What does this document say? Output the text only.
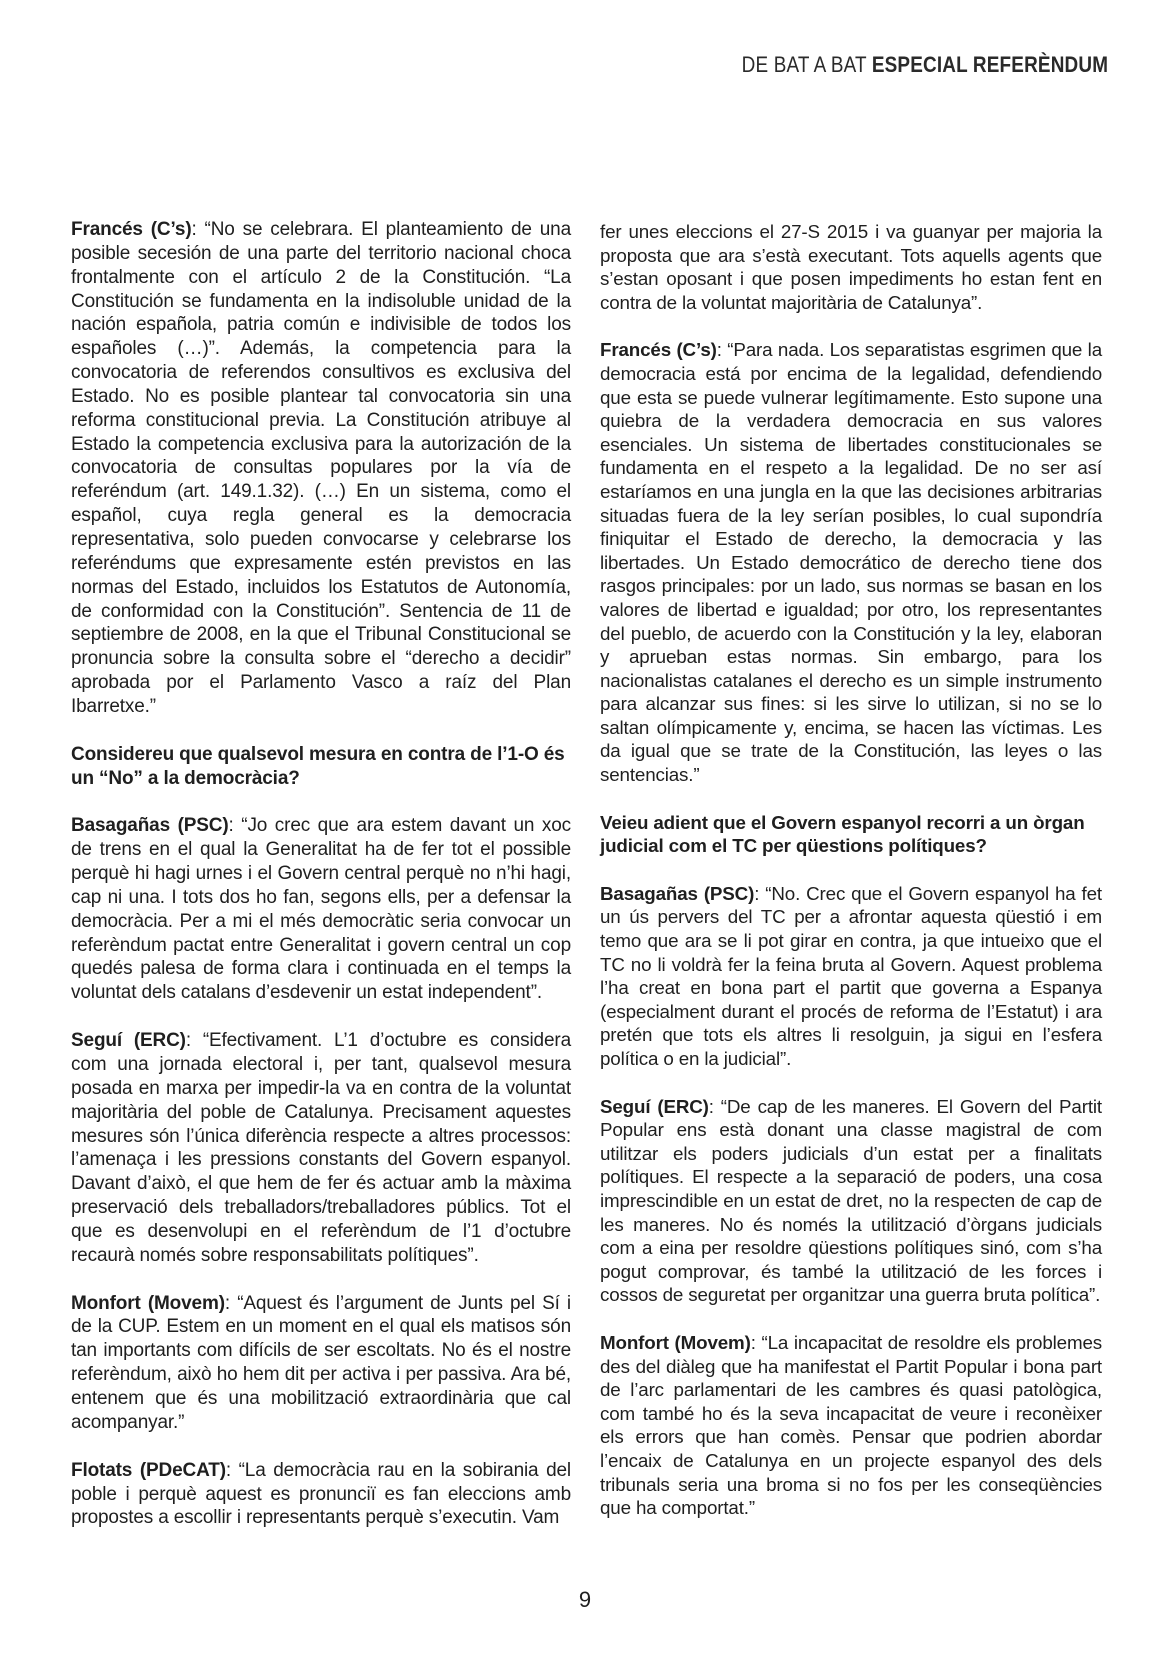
DE BAT A BAT ESPECIAL REFERÈNDUM

Francés (C’s): “No se celebrara. El planteamiento de una posible secesión de una parte del territorio nacional choca frontalmente con el artículo 2 de la Constitución. “La Constitución se fundamenta en la indisoluble unidad de la nación española, patria común e indivisible de todos los españoles (…)”. Además, la competencia para la convocatoria de referendos consultivos es exclusiva del Estado. No es posible plantear tal convocatoria sin una reforma constitucional previa. La Constitución atribuye al Estado la competencia exclusiva para la autorización de la convocatoria de consultas populares por la vía de referéndum (art. 149.1.32). (…) En un sistema, como el español, cuya regla general es la democracia representativa, solo pueden convocarse y celebrarse los referéndums que expresamente estén previstos en las normas del Estado, incluidos los Estatutos de Autonomía, de conformidad con la Constitución”. Sentencia de 11 de septiembre de 2008, en la que el Tribunal Constitucional se pronuncia sobre la consulta sobre el “derecho a decidir” aprobada por el Parlamento Vasco a raíz del Plan Ibarretxe.”

Considereu que qualsevol mesura en contra de l’1-O és un “No” a la democràcia?

Basagañas (PSC): “Jo crec que ara estem davant un xoc de trens en el qual la Generalitat ha de fer tot el possible perquè hi hagi urnes i el Govern central perquè no n’hi hagi, cap ni una. I tots dos ho fan, segons ells, per a defensar la democràcia. Per a mi el més democràtic seria convocar un referèndum pactat entre Generalitat i govern central un cop quedés palesa de forma clara i continuada en el temps la voluntat dels catalans d’esdevenir un estat independent”.

Seguí (ERC): “Efectivament. L’1 d’octubre es considera com una jornada electoral i, per tant, qualsevol mesura posada en marxa per impedir-la va en contra de la voluntat majoritària del poble de Catalunya. Precisament aquestes mesures són l’única diferència respecte a altres processos: l’amenaça i les pressions constants del Govern espanyol. Davant d’això, el que hem de fer és actuar amb la màxima preservació dels treballadors/treballadores públics. Tot el que es desenvolupi en el referèndum de l’1 d’octubre recaurà només sobre responsabilitats polítiques”.

Monfort (Movem): “Aquest és l’argument de Junts pel Sí i de la CUP. Estem en un moment en el qual els matisos són tan importants com difícils de ser escoltats. No és el nostre referèndum, això ho hem dit per activa i per passiva. Ara bé, entenem que és una mobilització extraordinària que cal acompanyar.”

Flotats (PDeCAT): “La democràcia rau en la sobirania del poble i perquè aquest es pronunciï es fan eleccions amb propostes a escollir i representants perquè s’executin. Vam

fer unes eleccions el 27-S 2015 i va guanyar per majoria la proposta que ara s’està executant. Tots aquells agents que s’estan oposant i que posen impediments ho estan fent en contra de la voluntat majoritària de Catalunya”.

Francés (C’s): “Para nada. Los separatistas esgrimen que la democracia está por encima de la legalidad, defendiendo que esta se puede vulnerar legítimamente. Esto supone una quiebra de la verdadera democracia en sus valores esenciales. Un sistema de libertades constitucionales se fundamenta en el respeto a la legalidad. De no ser así estaríamos en una jungla en la que las decisiones arbitrarias situadas fuera de la ley serían posibles, lo cual supondría finiquitar el Estado de derecho, la democracia y las libertades. Un Estado democrático de derecho tiene dos rasgos principales: por un lado, sus normas se basan en los valores de libertad e igualdad; por otro, los representantes del pueblo, de acuerdo con la Constitución y la ley, elaboran y aprueban estas normas. Sin embargo, para los nacionalistas catalanes el derecho es un simple instrumento para alcanzar sus fines: si les sirve lo utilizan, si no se lo saltan olímpicamente y, encima, se hacen las víctimas. Les da igual que se trate de la Constitución, las leyes o las sentencias.”

Veieu adient que el Govern espanyol recorri a un òrgan judicial com el TC per qüestions polítiques?

Basagañas (PSC): “No. Crec que el Govern espanyol ha fet un ús pervers del TC per a afrontar aquesta qüestió i em temo que ara se li pot girar en contra, ja que intueixo que el TC no li voldrà fer la feina bruta al Govern. Aquest problema l’ha creat en bona part el partit que governa a Espanya (especialment durant el procés de reforma de l’Estatut) i ara pretén que tots els altres li resolguin, ja sigui en l’esfera política o en la judicial”.

Seguí (ERC): “De cap de les maneres. El Govern del Partit Popular ens està donant una classe magistral de com utilitzar els poders judicials d’un estat per a finalitats polítiques. El respecte a la separació de poders, una cosa imprescindible en un estat de dret, no la respecten de cap de les maneres. No és només la utilització d’òrgans judicials com a eina per resoldre qüestions polítiques sinó, com s’ha pogut comprovar, és també la utilització de les forces i cossos de seguretat per organitzar una guerra bruta política”.

Monfort (Movem): “La incapacitat de resoldre els problemes des del diàleg que ha manifestat el Partit Popular i bona part de l’arc parlamentari de les cambres és quasi patològica, com també ho és la seva incapacitat de veure i reconèixer els errors que han comès. Pensar que podrien abordar l’encaix de Catalunya en un projecte espanyol des dels tribunals seria una broma si no fos per les conseqüències que ha comportat.”

9
